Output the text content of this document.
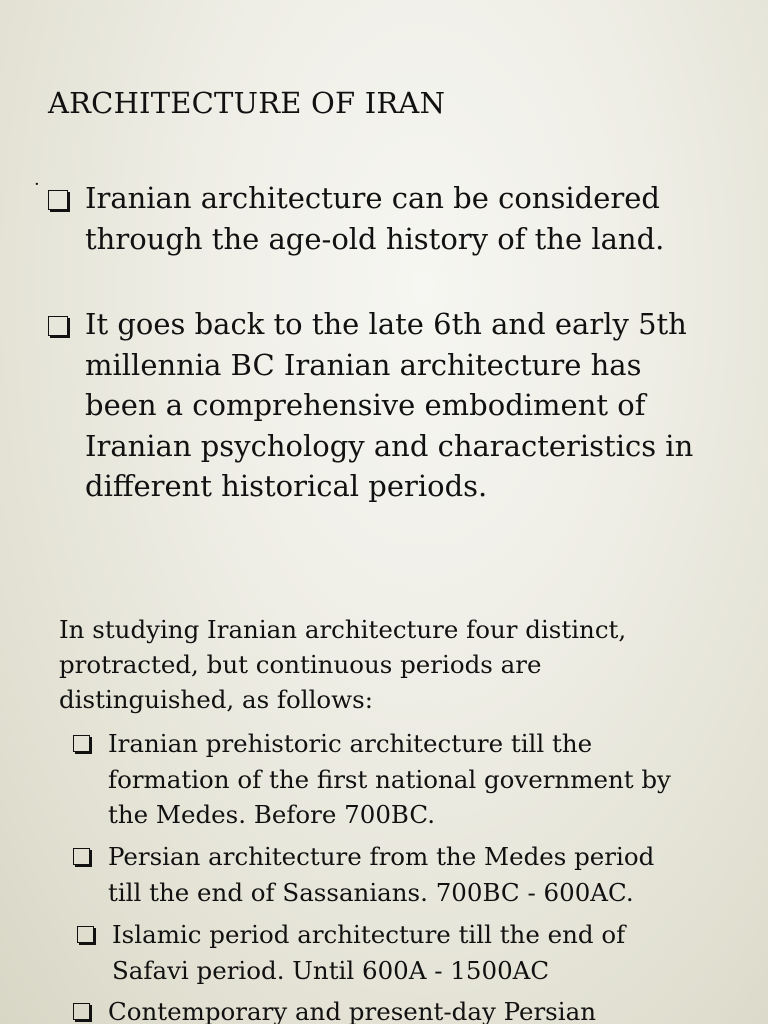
ARCHITECTURE OF IRAN
· Iranian architecture can be considered
through the age-old history of the land.
It goes back to the late 6th and early 5th
millennia BC Iranian architecture has
been a comprehensive embodiment of
Iranian psychology and characteristics in
different historical periods.
In studying Iranian architecture four distinct,
protracted, but continuous periods are
distinguished, as follows:
Iranian prehistoric architecture till the
formation of the first national government by
the Medes. Before 700BC.
Persian architecture from the Medes period
till the end of Sassanians. 700BC - 600AC.
Islamic period architecture till the end of
Safavi period. Until 600A - 1500AC
Contemporary and present-day Persian
